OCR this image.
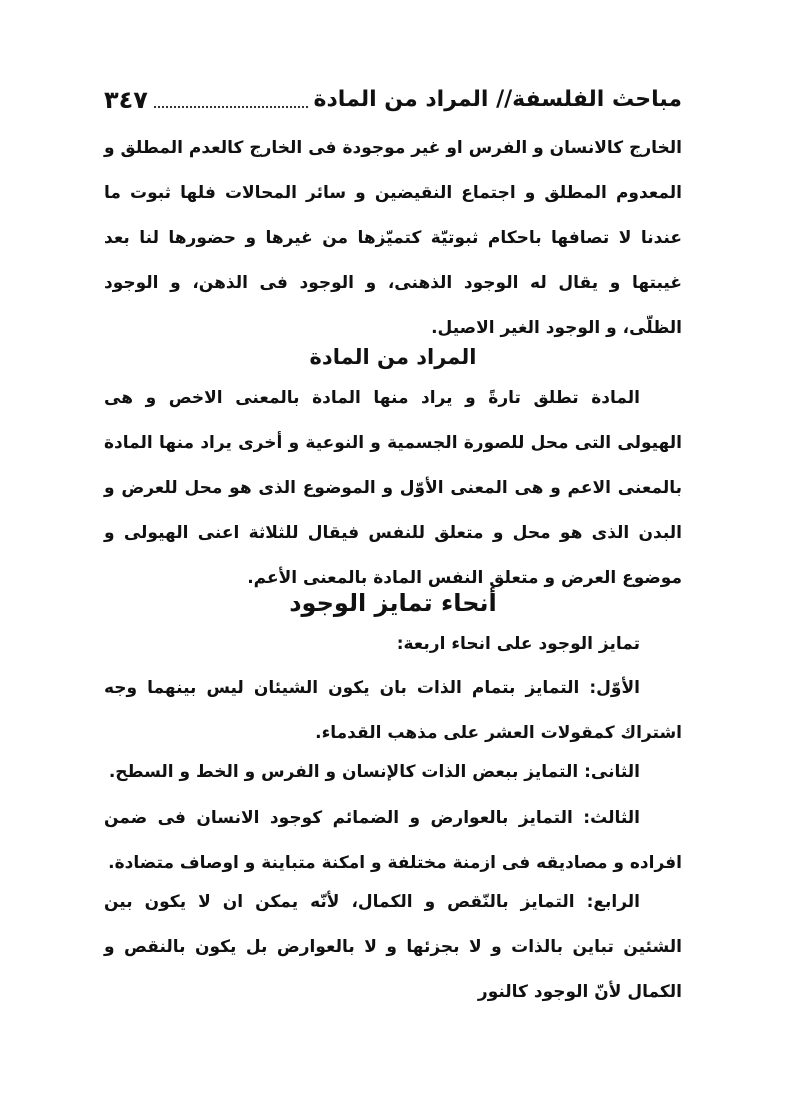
٣٤٧	مباحث الفلسفة// المراد من المادة

الخارج كالانسان و الفرس او غير موجودة فى الخارج كالعدم المطلق و المعدوم المطلق و اجتماع النقيضين و سائر المحالات فلها ثبوت ما عندنا لا تصافها باحكام ثبوتيّة كتميّزها من غيرها و حضورها لنا بعد غيبتها و يقال له الوجود الذهنى، و الوجود فى الذهن، و الوجود الظلّى، و الوجود الغير الاصيل.

المراد من المادة

المادة تطلق تارةً و يراد منها المادة بالمعنى الاخص و هى الهيولى التى محل للصورة الجسمية و النوعية و أخرى يراد منها المادة بالمعنى الاعم و هى المعنى الأوّل و الموضوع الذى هو محل للعرض و البدن الذى هو محل و متعلق للنفس فيقال للثلاثة اعنى الهيولى و موضوع العرض و متعلق النفس المادة بالمعنى الأعم.

أنحاء تمايز الوجود

تمايز الوجود على انحاء اربعة:

الأوّل: التمايز بتمام الذات بان يكون الشيئان ليس بينهما وجه اشتراك كمقولات العشر على مذهب القدماء.

الثانى: التمايز ببعض الذات كالإنسان و الفرس و الخط و السطح.

الثالث: التمايز بالعوارض و الضمائم كوجود الانسان فى ضمن افراده و مصاديقه فى ازمنة مختلفة و امكنة متباينة و اوصاف متضادة.

الرابع: التمايز بالنّقص و الكمال، لأنّه يمكن ان لا يكون بين الشئين تباين بالذات و لا بجزئها و لا بالعوارض بل يكون بالنقص و الكمال لأنّ الوجود كالنور
